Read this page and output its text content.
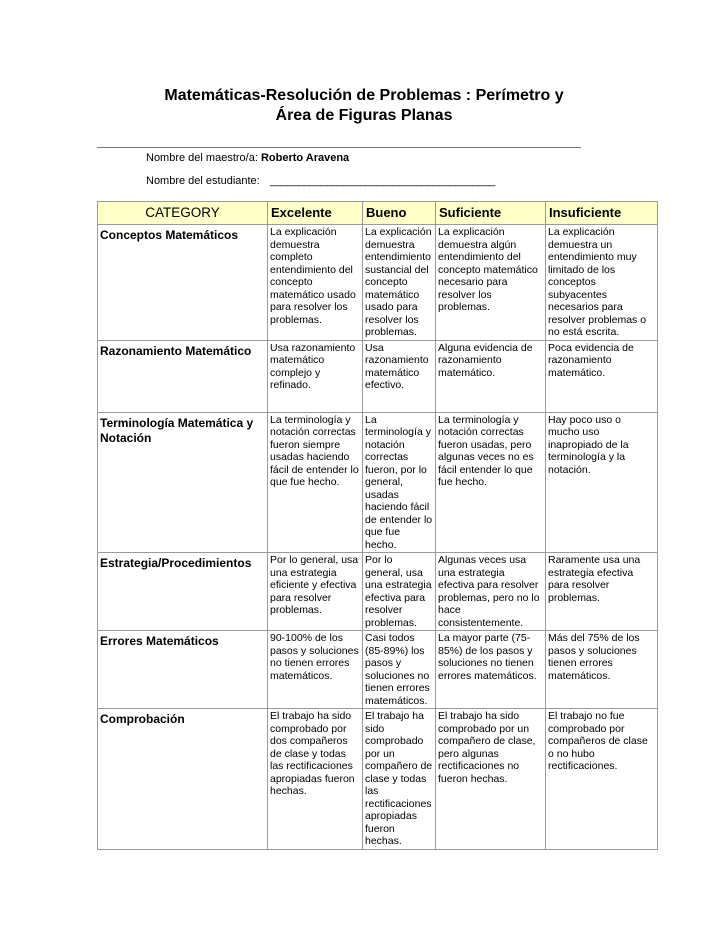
Matemáticas-Resolución de Problemas : Perímetro y
Área de Figuras Planas
Nombre del maestro/a: Roberto Aravena
Nombre del estudiante: ________________________________________
CATEGORY	Excelente	Bueno	Suficiente	Insuficiente
Conceptos Matemáticos	La explicación demuestra completo entendimiento del concepto matemático usado para resolver los problemas.	La explicación demuestra entendimiento sustancial del concepto matemático usado para resolver los problemas.	La explicación demuestra algún entendimiento del concepto matemático necesario para resolver los problemas.	La explicación demuestra un entendimiento muy limitado de los conceptos subyacentes necesarios para resolver problemas o no está escrita.
Razonamiento Matemático	Usa razonamiento matemático complejo y refinado.	Usa razonamiento matemático efectivo.	Alguna evidencia de razonamiento matemático.	Poca evidencia de razonamiento matemático.
Terminología Matemática y Notación	La terminología y notación correctas fueron siempre usadas haciendo fácil de entender lo que fue hecho.	La terminología y notación correctas fueron, por lo general, usadas haciendo fácil de entender lo que fue hecho.	La terminología y notación correctas fueron usadas, pero algunas veces no es fácil entender lo que fue hecho.	Hay poco uso o mucho uso inapropiado de la terminología y la notación.
Estrategia/Procedimientos	Por lo general, usa una estrategia eficiente y efectiva para resolver problemas.	Por lo general, usa una estrategia efectiva para resolver problemas.	Algunas veces usa una estrategia efectiva para resolver problemas, pero no lo hace consistentemente.	Raramente usa una estrategia efectiva para resolver problemas.
Errores Matemáticos	90-100% de los pasos y soluciones no tienen errores matemáticos.	Casi todos (85-89%) los pasos y soluciones no tienen errores matemáticos.	La mayor parte (75-85%) de los pasos y soluciones no tienen errores matemáticos.	Más del 75% de los pasos y soluciones tienen errores matemáticos.
Comprobación	El trabajo ha sido comprobado por dos compañeros de clase y todas las rectificaciones apropiadas fueron hechas.	El trabajo ha sido comprobado por un compañero de clase y todas las rectificaciones apropiadas fueron hechas.	El trabajo ha sido comprobado por un compañero de clase, pero algunas rectificaciones no fueron hechas.	El trabajo no fue comprobado por compañeros de clase o no hubo rectificaciones.
